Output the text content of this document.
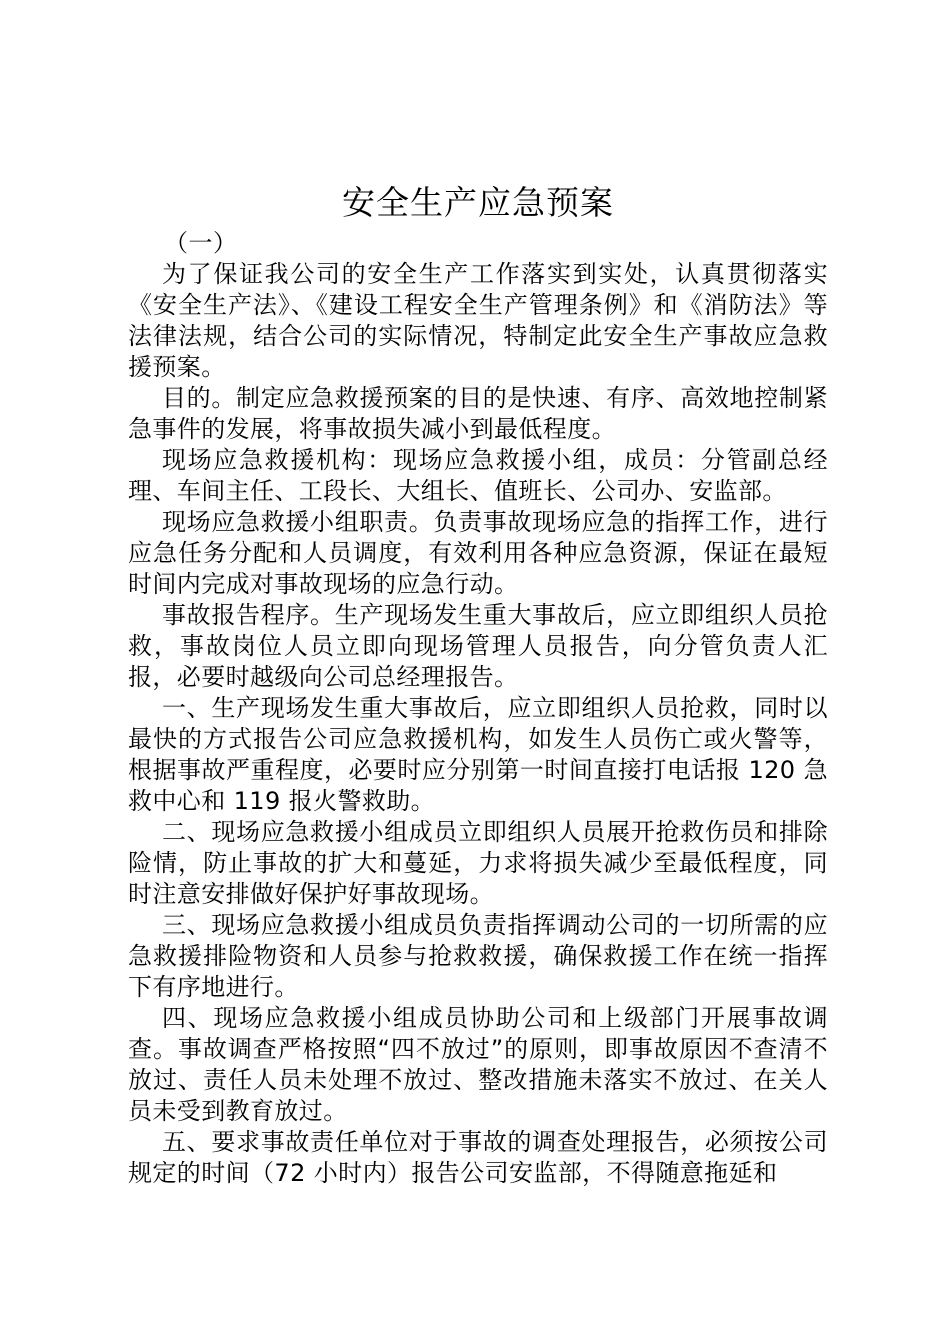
安全生产应急预案

（一）

为了保证我公司的安全生产工作落实到实处，认真贯彻落实《安全生产法》、《建设工程安全生产管理条例》和《消防法》等法律法规，结合公司的实际情况，特制定此安全生产事故应急救援预案。

目的。制定应急救援预案的目的是快速、有序、高效地控制紧急事件的发展，将事故损失减小到最低程度。

现场应急救援机构：现场应急救援小组，成员：分管副总经理、车间主任、工段长、大组长、值班长、公司办、安监部。

现场应急救援小组职责。负责事故现场应急的指挥工作，进行应急任务分配和人员调度，有效利用各种应急资源，保证在最短时间内完成对事故现场的应急行动。

事故报告程序。生产现场发生重大事故后，应立即组织人员抢救，事故岗位人员立即向现场管理人员报告，向分管负责人汇报，必要时越级向公司总经理报告。

一、生产现场发生重大事故后，应立即组织人员抢救，同时以最快的方式报告公司应急救援机构，如发生人员伤亡或火警等，根据事故严重程度，必要时应分别第一时间直接打电话报 120 急救中心和 119 报火警救助。

二、现场应急救援小组成员立即组织人员展开抢救伤员和排除险情，防止事故的扩大和蔓延，力求将损失减少至最低程度，同时注意安排做好保护好事故现场。

三、现场应急救援小组成员负责指挥调动公司的一切所需的应急救援排险物资和人员参与抢救救援，确保救援工作在统一指挥下有序地进行。

四、现场应急救援小组成员协助公司和上级部门开展事故调查。事故调查严格按照“四不放过”的原则，即事故原因不查清不放过、责任人员未处理不放过、整改措施未落实不放过、在关人员未受到教育放过。

五、要求事故责任单位对于事故的调查处理报告，必须按公司规定的时间（72 小时内）报告公司安监部，不得随意拖延和
